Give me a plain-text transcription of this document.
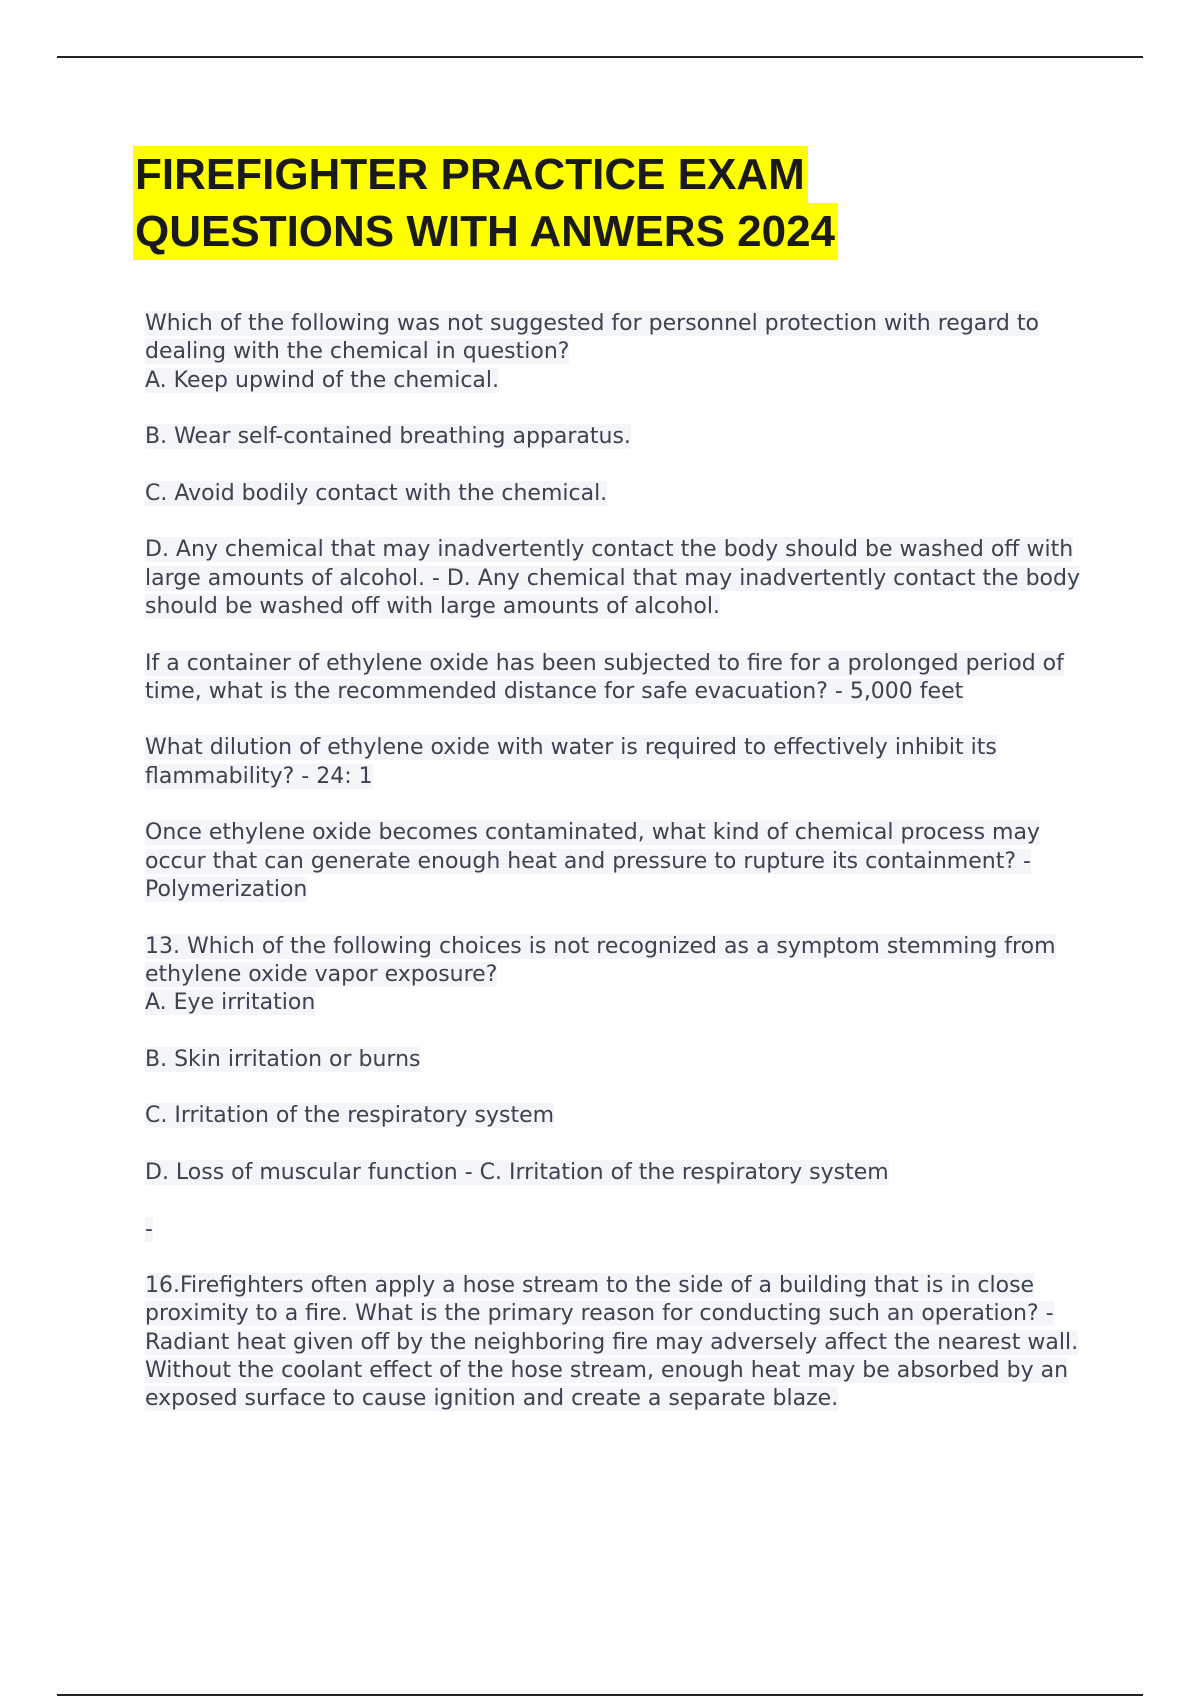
FIREFIGHTER PRACTICE EXAM
QUESTIONS WITH ANWERS 2024

Which of the following was not suggested for personnel protection with regard to dealing with the chemical in question?
A. Keep upwind of the chemical.

B. Wear self-contained breathing apparatus.

C. Avoid bodily contact with the chemical.

D. Any chemical that may inadvertently contact the body should be washed off with large amounts of alcohol. - D. Any chemical that may inadvertently contact the body should be washed off with large amounts of alcohol.

If a container of ethylene oxide has been subjected to fire for a prolonged period of time, what is the recommended distance for safe evacuation? - 5,000 feet

What dilution of ethylene oxide with water is required to effectively inhibit its flammability? - 24: 1

Once ethylene oxide becomes contaminated, what kind of chemical process may occur that can generate enough heat and pressure to rupture its containment? - Polymerization

13. Which of the following choices is not recognized as a symptom stemming from ethylene oxide vapor exposure?
A. Eye irritation

B. Skin irritation or burns

C. Irritation of the respiratory system

D. Loss of muscular function - C. Irritation of the respiratory system

-

16.Firefighters often apply a hose stream to the side of a building that is in close proximity to a fire. What is the primary reason for conducting such an operation? - Radiant heat given off by the neighboring fire may adversely affect the nearest wall. Without the coolant effect of the hose stream, enough heat may be absorbed by an exposed surface to cause ignition and create a separate blaze.
